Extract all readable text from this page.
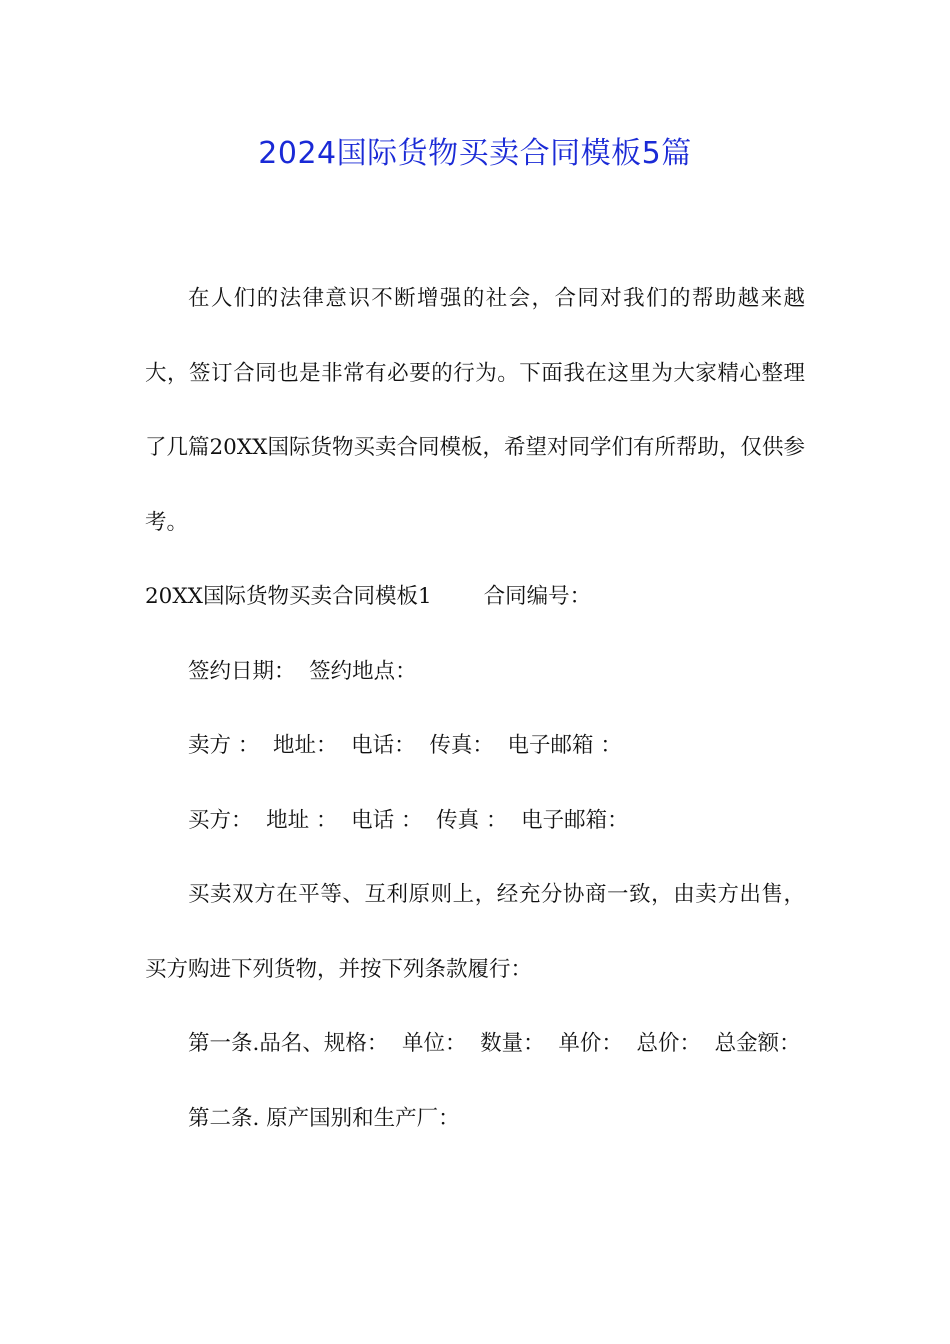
2024国际货物买卖合同模板5篇

在人们的法律意识不断增强的社会，合同对我们的帮助越来越大，签订合同也是非常有必要的行为。下面我在这里为大家精心整理了几篇20XX国际货物买卖合同模板，希望对同学们有所帮助，仅供参考。

20XX国际货物买卖合同模板1 合同编号：

签约日期：  签约地点：

卖方 ：  地址：  电话：  传真：  电子邮箱 ：

买方：  地址 ：  电话 ：  传真 ：  电子邮箱：

买卖双方在平等、互利原则上，经充分协商一致，由卖方出售，买方购进下列货物，并按下列条款履行：

第一条.品名、规格：  单位：  数量：  单价：  总价：  总金额：

第二条. 原产国别和生产厂：
